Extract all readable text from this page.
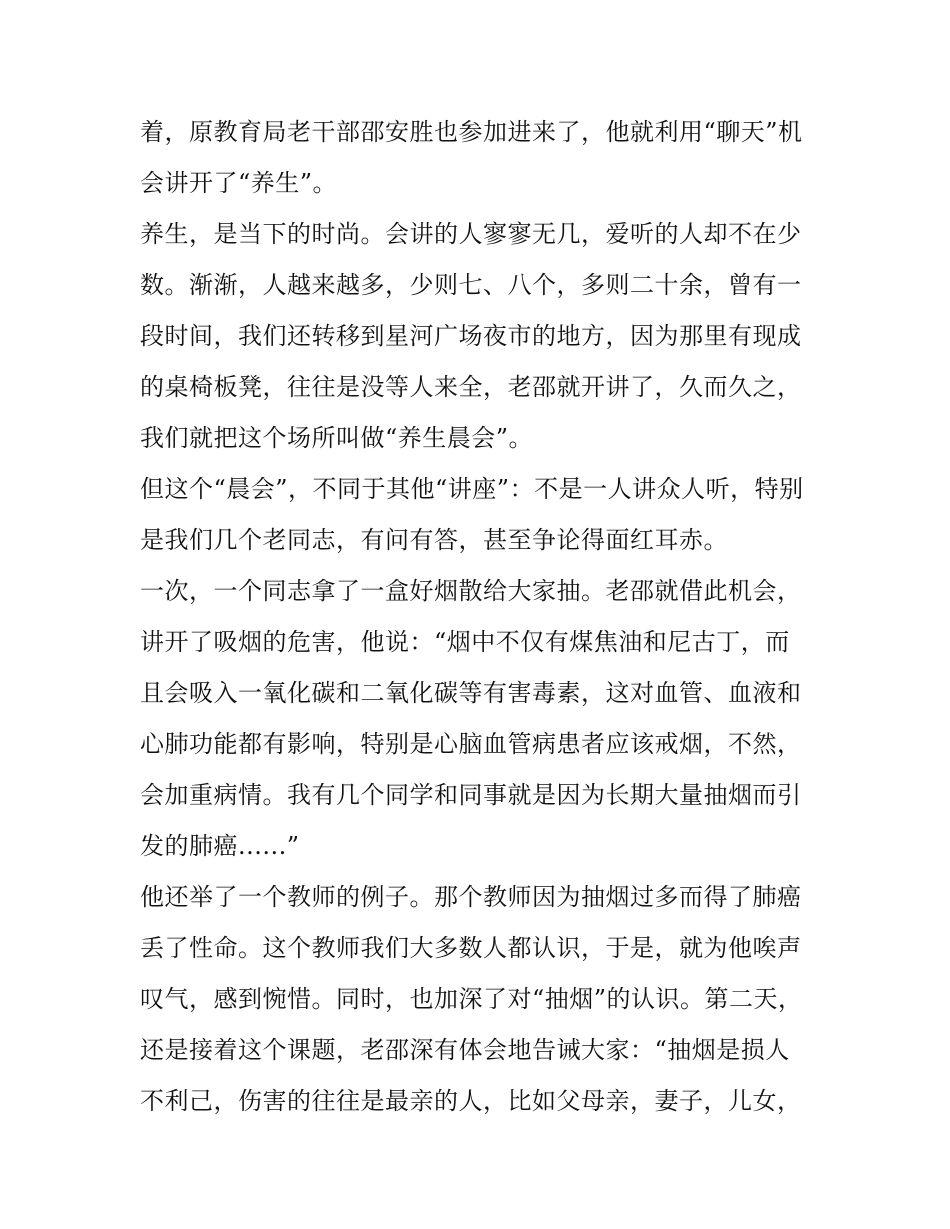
着，原教育局老干部邵安胜也参加进来了，他就利用“聊天”机
会讲开了“养生”。
养生，是当下的时尚。会讲的人寥寥无几，爱听的人却不在少
数。渐渐，人越来越多，少则七、八个，多则二十余，曾有一
段时间，我们还转移到星河广场夜市的地方，因为那里有现成
的桌椅板凳，往往是没等人来全，老邵就开讲了，久而久之，
我们就把这个场所叫做“养生晨会”。
但这个“晨会”，不同于其他“讲座”：不是一人讲众人听，特别
是我们几个老同志，有问有答，甚至争论得面红耳赤。
一次，一个同志拿了一盒好烟散给大家抽。老邵就借此机会，
讲开了吸烟的危害，他说：“烟中不仅有煤焦油和尼古丁，而
且会吸入一氧化碳和二氧化碳等有害毒素，这对血管、血液和
心肺功能都有影响，特别是心脑血管病患者应该戒烟，不然，
会加重病情。我有几个同学和同事就是因为长期大量抽烟而引
发的肺癌......”
他还举了一个教师的例子。那个教师因为抽烟过多而得了肺癌
丢了性命。这个教师我们大多数人都认识，于是，就为他唉声
叹气，感到惋惜。同时，也加深了对“抽烟”的认识。第二天，
还是接着这个课题，老邵深有体会地告诫大家：“抽烟是损人
不利己，伤害的往往是最亲的人，比如父母亲，妻子，儿女，
